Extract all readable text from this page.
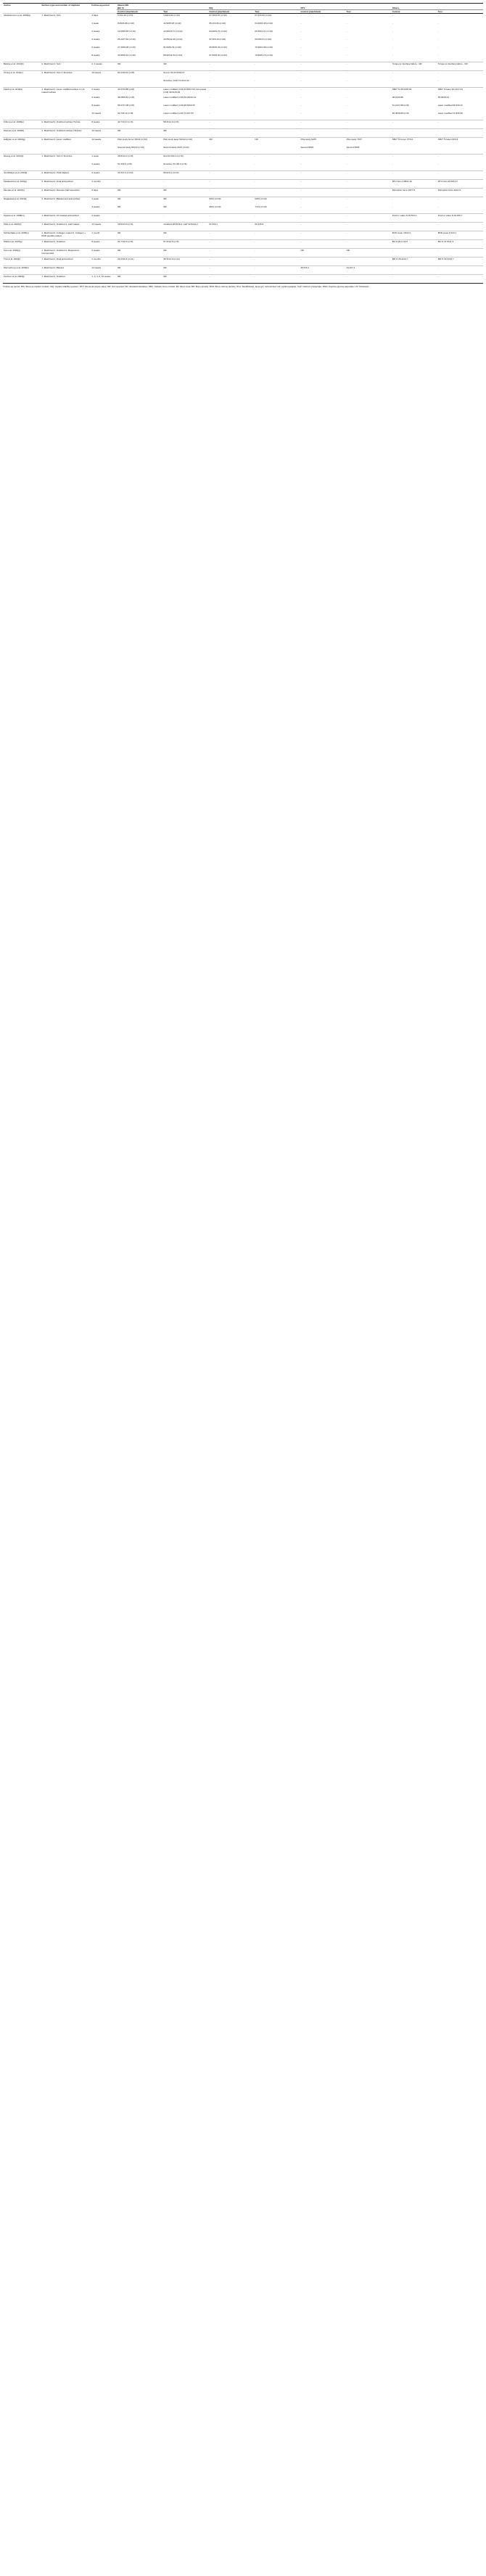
Author	Surface type and number of implants	Follow-up period	Means±SD							
			BIC %		ISQ		RTV		Others	
			Control (machined)	Test	Control (machined)	Test	Control (machined)	Test	Control	Test
Abrahamsson et al. 2009[a]	1. Machined 2. SLA	4 days	6.0±2.46 (n=10)	5.46±3.82 (n=10)	67.25±3.87 (n=10)	67.5±4.63 (n=10)	-	-	-	-
		1 week	8.06±6.68 (n=10)	11.82±8.18 (n=10)	65.1±4.96 (n=10)	64.40±6.46 (n=10)	-	-	-	-
		2 weeks	12.69±5.48 (n=10)	24.06±10.74 (n=10)	64.40±3.75 (n=10)	65.45±4.61 (n=10)	-	-	-	-
		4 weeks	25.22±7.62 (n=10)	44.55±12.39 (n=10)	67.3±6.43 (n=10)	69.05±4.6 (n=10)	-	-	-	-
		6 weeks	27.39±9.08 (n=10)	51.60±9.79 (n=10)	66.95±5.34 (n=10)	70.90±4.38 (n=10)	-	-	-	-
		8 weeks	30.95±9.22 (n=10)	58.92±11.54 (n=10)	67.50±5.40 (n=10)	70.60±5.15 (n=10)	-	-	-	-
Barfeie et al. 2011[b]	1. Machined 2. SLA	2, 4 weeks	NR	NR	-	-	-	-	Torque to interface failure - NR	Torque to interface failure - NR
Chung et al. 2011[c]	1. Machined 2. SLA 3. SLActive	10 weeks	60.1±19.61 (n=8)	SLA (n=8) 64.5±18.27	-	-	-	-	-	-
				SLActive (n=8) 72.2±14.12	-	-	-	-	-	-
Fawzi et al. 2011[d]	1. Machined 2. Laser modified surface 3. HA coated surface	2 weeks	33.47±9.85 (n=8)	Laser modified (n=8) 44.81±7.60; HA coated (n=8) 39.51±5.05	-	-	-	-	SBC* % 35.22±5.92	SBC* % laser 46.13±7.04
		4 weeks	45.08±9.81 (n=8)	Laser modified (n=8) 60.34±10.14	-	-	-	-	38.21±6.88	55.93±8.44
		8 weeks	56.47±7.98 (n=8)	Laser modified (n=8) 68.54±9.05	-	-	-	-	51.41±7.98 (n=8)	Laser modified 66.3±9.13
		12 weeks	62.7±8.12 (n=8)	Laser modified (n=8) 74.6±7.57	-	-	-	-	60.35±6.86 (n=8)	Laser modified 71.8±5.96
Friberg et al. 2006[e]	1. Machined 2. Oxidized surface TiUnite	8 weeks	42.7±13.3 (n=6)	58.3±12.6 (n=6)	-	-	-	-	-	-
Glauser et al. 2003[f]	1. Machined 2. Oxidized surface (TiUnite)	12 weeks	NR	NR	-	-	-	-	-	-
Hallgren et al. 2003[g]	1. Machined 2. Laser modified	12 weeks	Pilot study femur 46±11 (n=10)	Pilot study laser 53±13 (n=10)	NR	NR	Pilot study 62±5	Pilot study 70±7	SBC* % femur 37±12	SBC* % laser 43±13
			Second study 54±10 (n=10)	Second study 64±9 (n=10)			Second 58±6	Second 66±8		
Hwang et al. 2011[h]	1. Machined 2. SLA 3. SLActive	1 week	45.8±14.2 (n=8)	SLA 52.0±11.3 (n=8)	-	-	-	-	-	-
		2 weeks	51.3±9.6 (n=8)	SLActive 70.1±8.4 (n=8)	-	-	-	-	-	-
Juodzbalys et al. 2013[i]	1. Machined 2. TiO2 blasted	4 weeks	41.5±7.3 (n=10)	55.6±9.1 (n=10)	-	-	-	-	-	-
Klokkevold et al. 2001[j]	1. Machined 2. Dual acid-etched	2 months	-	-	-	-	-	-	RTV Ncm 4.95±1.10	RTV Ncm 20.5±6.47
Mendes et al. 2007[k]	1. Machined 2. Discrete CaP deposition	9 days	NR	NR	-	-	-	-	Disruption force 15±7 N	Disruption force 32±4 N
Nagasawa et al. 2013[l]	1. Machined 2. Blasted and acid etched	1 week	NR	NR	60±4 (n=10)	62±5 (n=10)	-	-	-	-
		4 weeks	NR	NR	66±3 (n=10)	71±4 (n=10)	-	-	-	-
Ogawa et al. 2008[m]	1. Machined 2. UV-treated acid-etched	2 weeks	-	-	-	-	-	-	Push-in value N 15.5±4.2	Push-in value N 32.9±6.7
Park et al. 2010[n]	1. Machined 2. Oxidized 3. CaP coated	12 weeks	19.5±14.9 (n=6)	Oxidized 28.9±18.3; CaP 32.5±16.2	61.5±6.1	66.3±5.8	-	-	-	-
Schliephake et al. 2005[o]	1. Machined 2. Collagen coated 3. Collagen + RGD peptide coated	1 month	NR	NR	-	-	-	-	BVD mean 4.8±2.2	BVD mean 8.3±3.1
Shibli et al. 2007[p]	1. Machined 2. Oxidized	8 weeks	31.7±10.5 (n=5)	57.2±12.5 (n=5)	-	-	-	-	BA % 29.1±12.5	BA % 47.5±11.3
Sul et al. 2002[q]	1. Machined 2. Oxidized 3. Magnesium incorporated	6 weeks	NR	NR	-	-	NR	NR	-	-
Trisi et al. 2003[r]	1. Machined 2. Dual acid-etched	2 months	24.2±11.8 (n=11)	35.3±13.9 (n=11)	-	-	-	-	BD % 26.4±13.7	BD % 32.6±15.7
Wennerberg et al. 2003[s]	1. Machined 2. Blasted	12 weeks	NR	NR	-	-	35.5±6.1	44.3±7.4	-	-
Zechner et al. 2003[t]	1. Machined 2. Oxidized	1, 3, 4, 8, 12 weeks	NR	NR	-	-	-	-	-	-

*Follow-up period. BIC: Bone-to-implant contact; ISQ: Implant stability quotient; RTV: Removal torque value; NR: Not reported; SD: Standard deviation; SBC: Surface bone contact; BA: Bone area; BD: Bone density; BVD: Bone volume density; SLA: Sandblasted, large grit, acid-etched; HA: Hydroxyapatite; CaP: Calcium phosphate; RGD: Arginine-glycine-aspartate; UV: Ultraviolet
